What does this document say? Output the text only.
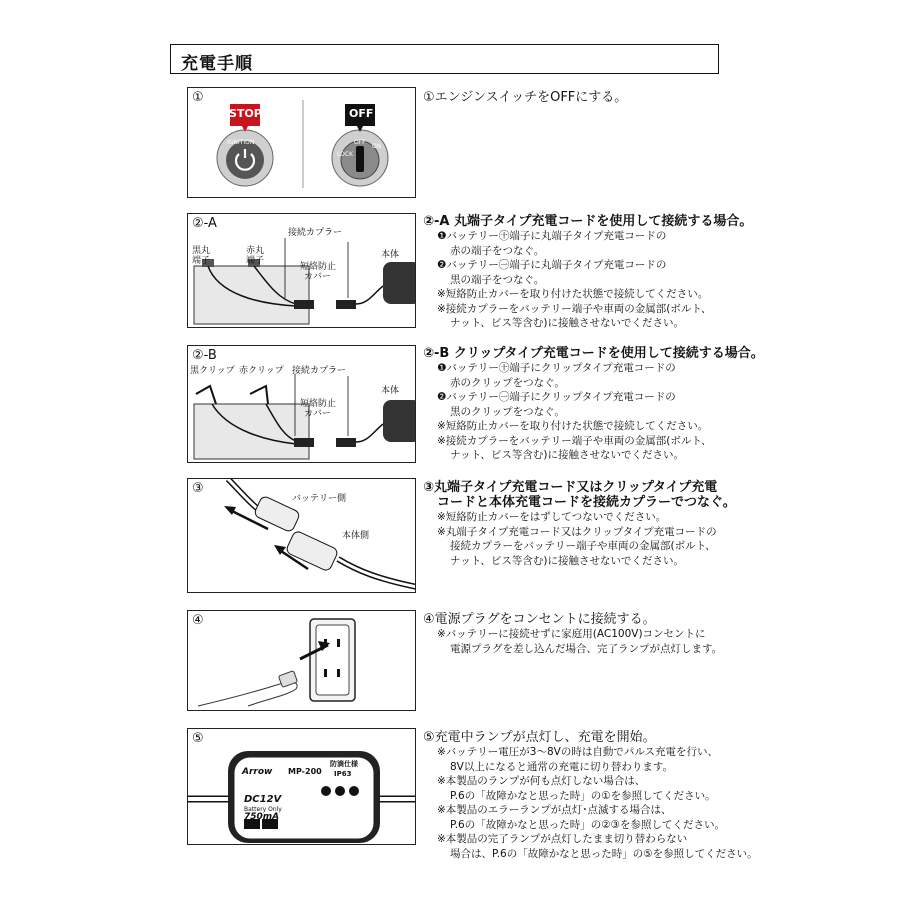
充電手順
①
STOP
IGNITION
OFF
LOCK
OFF
ON
①エンジンスイッチをOFFにする。
②-A
接続カプラー
黒丸
端子
赤丸
端子
短絡防止
カバー
本体
②-A 丸端子タイプ充電コードを使用して接続する場合。
❶バッテリー㊉端子に丸端子タイプ充電コードの
赤の端子をつなぐ。
❷バッテリー㊀端子に丸端子タイプ充電コードの
黒の端子をつなぐ。
※短絡防止カバーを取り付けた状態で接続してください。
※接続カプラーをバッテリー端子や車両の金属部(ボルト、
ナット、ビス等含む)に接触させないでください。
②-B
黒クリップ 赤クリップ 接続カプラー
短絡防止
カバー
本体
②-B クリップタイプ充電コードを使用して接続する場合。
❶バッテリー㊉端子にクリップタイプ充電コードの
赤のクリップをつなぐ。
❷バッテリー㊀端子にクリップタイプ充電コードの
黒のクリップをつなぐ。
※短絡防止カバーを取り付けた状態で接続してください。
※接続カプラーをバッテリー端子や車両の金属部(ボルト、
ナット、ビス等含む)に接触させないでください。
③
バッテリー側
本体側
③丸端子タイプ充電コード又はクリップタイプ充電
コードと本体充電コードを接続カプラーでつなぐ。
※短絡防止カバーをはずしてつないでください。
※丸端子タイプ充電コード又はクリップタイプ充電コードの
接続カプラーをバッテリー端子や車両の金属部(ボルト、
ナット、ビス等含む)に接触させないでください。
④	④電源プラグをコンセントに接続する。
※バッテリーに接続せずに家庭用(AC100V)コンセントに
電源プラグを差し込んだ場合、完了ランプが点灯します。
⑤
Arrow MP-200
防滴仕様
IP63
DC12V
Battery Only
750mA
⑤充電中ランプが点灯し、充電を開始。
※バッテリー電圧が3～8Vの時は自動でパルス充電を行い、
8V以上になると通常の充電に切り替わります。
※本製品のランプが何も点灯しない場合は、
P.6の「故障かなと思った時」の①を参照してください。
※本製品のエラーランプが点灯･点滅する場合は、
P.6の「故障かなと思った時」の②③を参照してください。
※本製品の完了ランプが点灯したまま切り替わらない
場合は、P.6の「故障かなと思った時」の⑤を参照してください。
